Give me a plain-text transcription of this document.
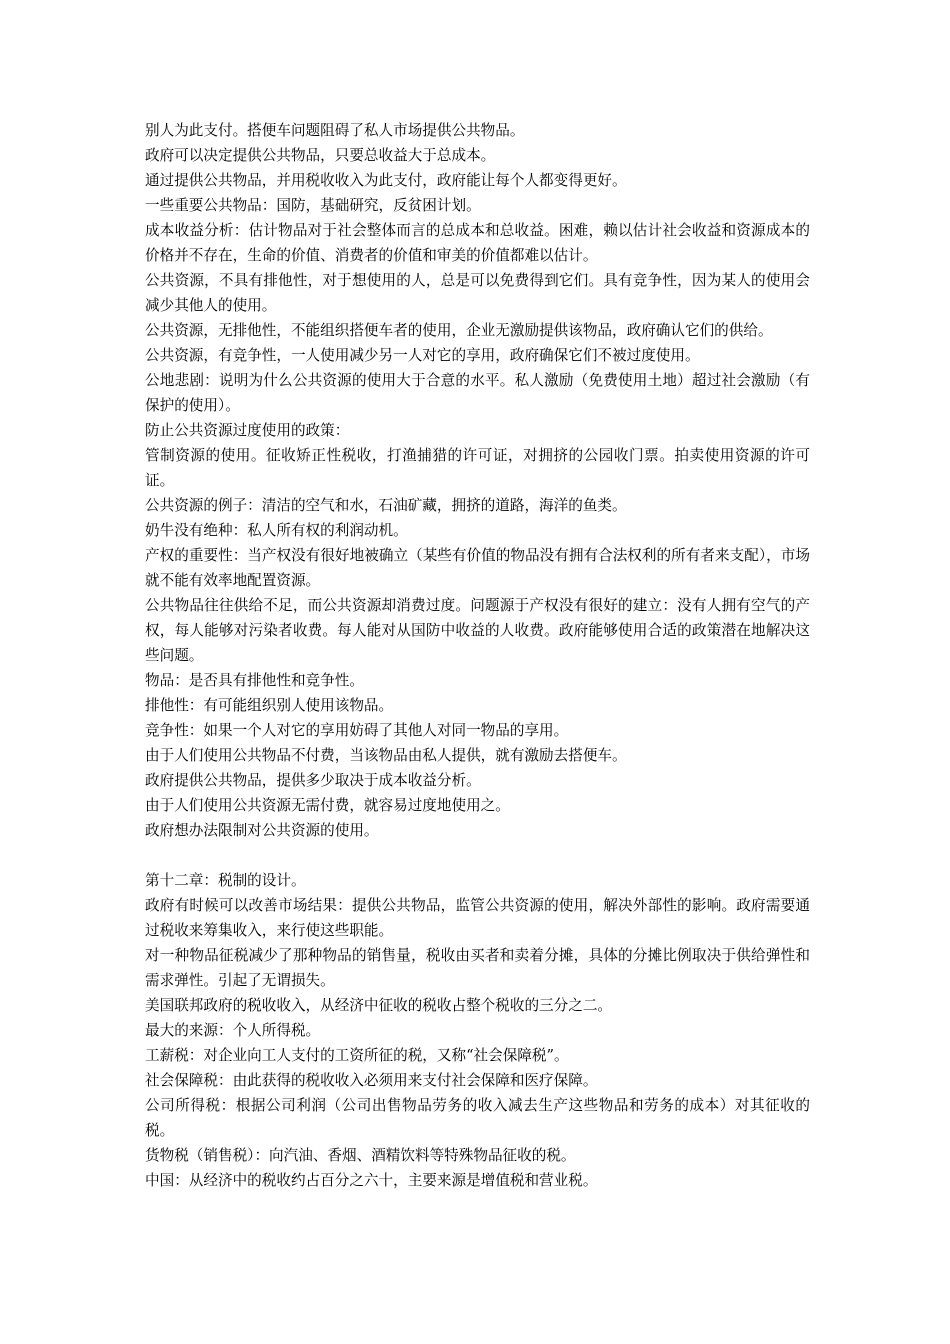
别人为此支付。搭便车问题阻碍了私人市场提供公共物品。

政府可以决定提供公共物品，只要总收益大于总成本。

通过提供公共物品，并用税收收入为此支付，政府能让每个人都变得更好。

一些重要公共物品：国防，基础研究，反贫困计划。

成本收益分析：估计物品对于社会整体而言的总成本和总收益。困难，赖以估计社会收益和资源成本的价格并不存在，生命的价值、消费者的价值和审美的价值都难以估计。

公共资源，不具有排他性，对于想使用的人，总是可以免费得到它们。具有竞争性，因为某人的使用会减少其他人的使用。

公共资源，无排他性，不能组织搭便车者的使用，企业无激励提供该物品，政府确认它们的供给。

公共资源，有竞争性，一人使用减少另一人对它的享用，政府确保它们不被过度使用。

公地悲剧：说明为什么公共资源的使用大于合意的水平。私人激励（免费使用土地）超过社会激励（有保护的使用）。

防止公共资源过度使用的政策：

管制资源的使用。征收矫正性税收，打渔捕猎的许可证，对拥挤的公园收门票。拍卖使用资源的许可证。

公共资源的例子：清洁的空气和水，石油矿藏，拥挤的道路，海洋的鱼类。

奶牛没有绝种：私人所有权的利润动机。

产权的重要性：当产权没有很好地被确立（某些有价值的物品没有拥有合法权利的所有者来支配），市场就不能有效率地配置资源。

公共物品往往供给不足，而公共资源却消费过度。问题源于产权没有很好的建立：没有人拥有空气的产权，每人能够对污染者收费。每人能对从国防中收益的人收费。政府能够使用合适的政策潜在地解决这些问题。

物品：是否具有排他性和竞争性。

排他性：有可能组织别人使用该物品。

竞争性：如果一个人对它的享用妨碍了其他人对同一物品的享用。

由于人们使用公共物品不付费，当该物品由私人提供，就有激励去搭便车。

政府提供公共物品，提供多少取决于成本收益分析。

由于人们使用公共资源无需付费，就容易过度地使用之。

政府想办法限制对公共资源的使用。

第十二章：税制的设计。

政府有时候可以改善市场结果：提供公共物品，监管公共资源的使用，解决外部性的影响。政府需要通过税收来筹集收入，来行使这些职能。

对一种物品征税减少了那种物品的销售量，税收由买者和卖着分摊，具体的分摊比例取决于供给弹性和需求弹性。引起了无谓损失。

美国联邦政府的税收收入，从经济中征收的税收占整个税收的三分之二。

最大的来源：个人所得税。

工薪税：对企业向工人支付的工资所征的税，又称“社会保障税”。

社会保障税：由此获得的税收收入必须用来支付社会保障和医疗保障。

公司所得税：根据公司利润（公司出售物品劳务的收入减去生产这些物品和劳务的成本）对其征收的税。

货物税（销售税）：向汽油、香烟、酒精饮料等特殊物品征收的税。

中国：从经济中的税收约占百分之六十，主要来源是增值税和营业税。
